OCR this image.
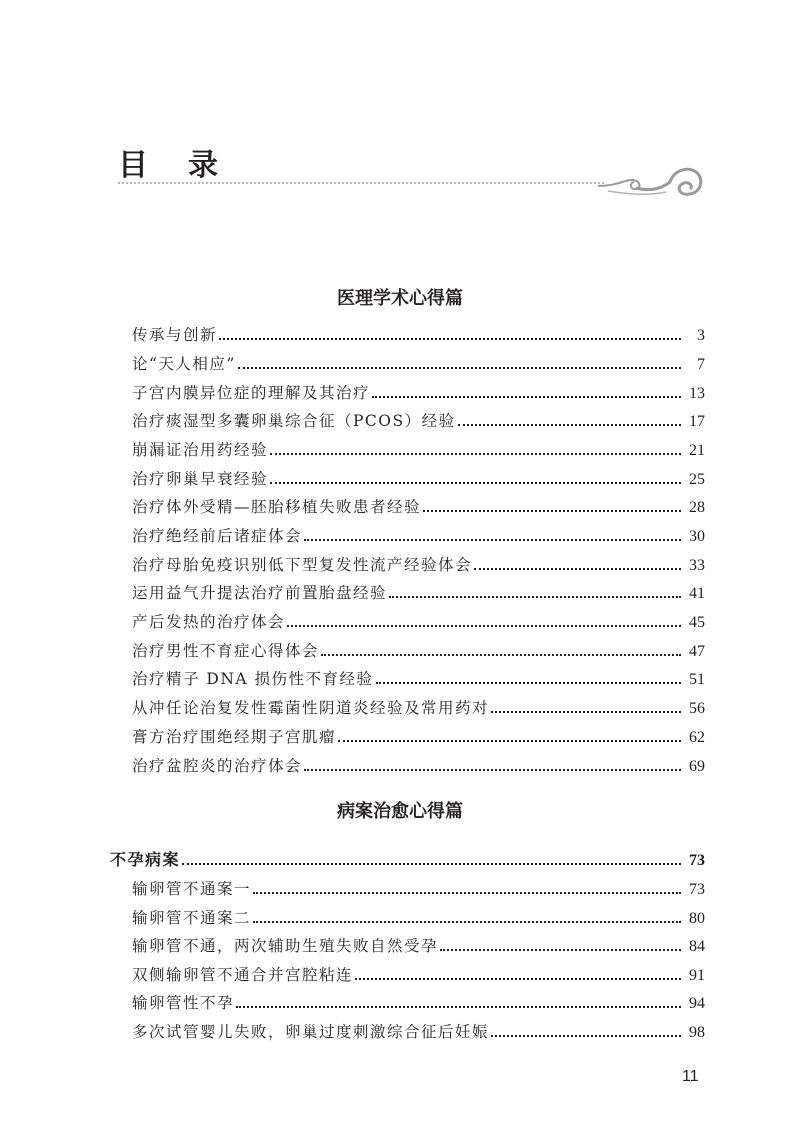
目录
医理学术心得篇
传承与创新	3
论“天人相应”	7
子宫内膜异位症的理解及其治疗	13
治疗痰湿型多囊卵巢综合征（PCOS）经验	17
崩漏证治用药经验	21
治疗卵巢早衰经验	25
治疗体外受精—胚胎移植失败患者经验	28
治疗绝经前后诸症体会	30
治疗母胎免疫识别低下型复发性流产经验体会	33
运用益气升提法治疗前置胎盘经验	41
产后发热的治疗体会	45
治疗男性不育症心得体会	47
治疗精子 DNA 损伤性不育经验	51
从冲任论治复发性霉菌性阴道炎经验及常用药对	56
膏方治疗围绝经期子宫肌瘤	62
治疗盆腔炎的治疗体会	69
病案治愈心得篇
不孕病案	73
输卵管不通案一	73
输卵管不通案二	80
输卵管不通，两次辅助生殖失败自然受孕	84
双侧输卵管不通合并宫腔粘连	91
输卵管性不孕	94
多次试管婴儿失败，卵巢过度刺激综合征后妊娠	98
11
